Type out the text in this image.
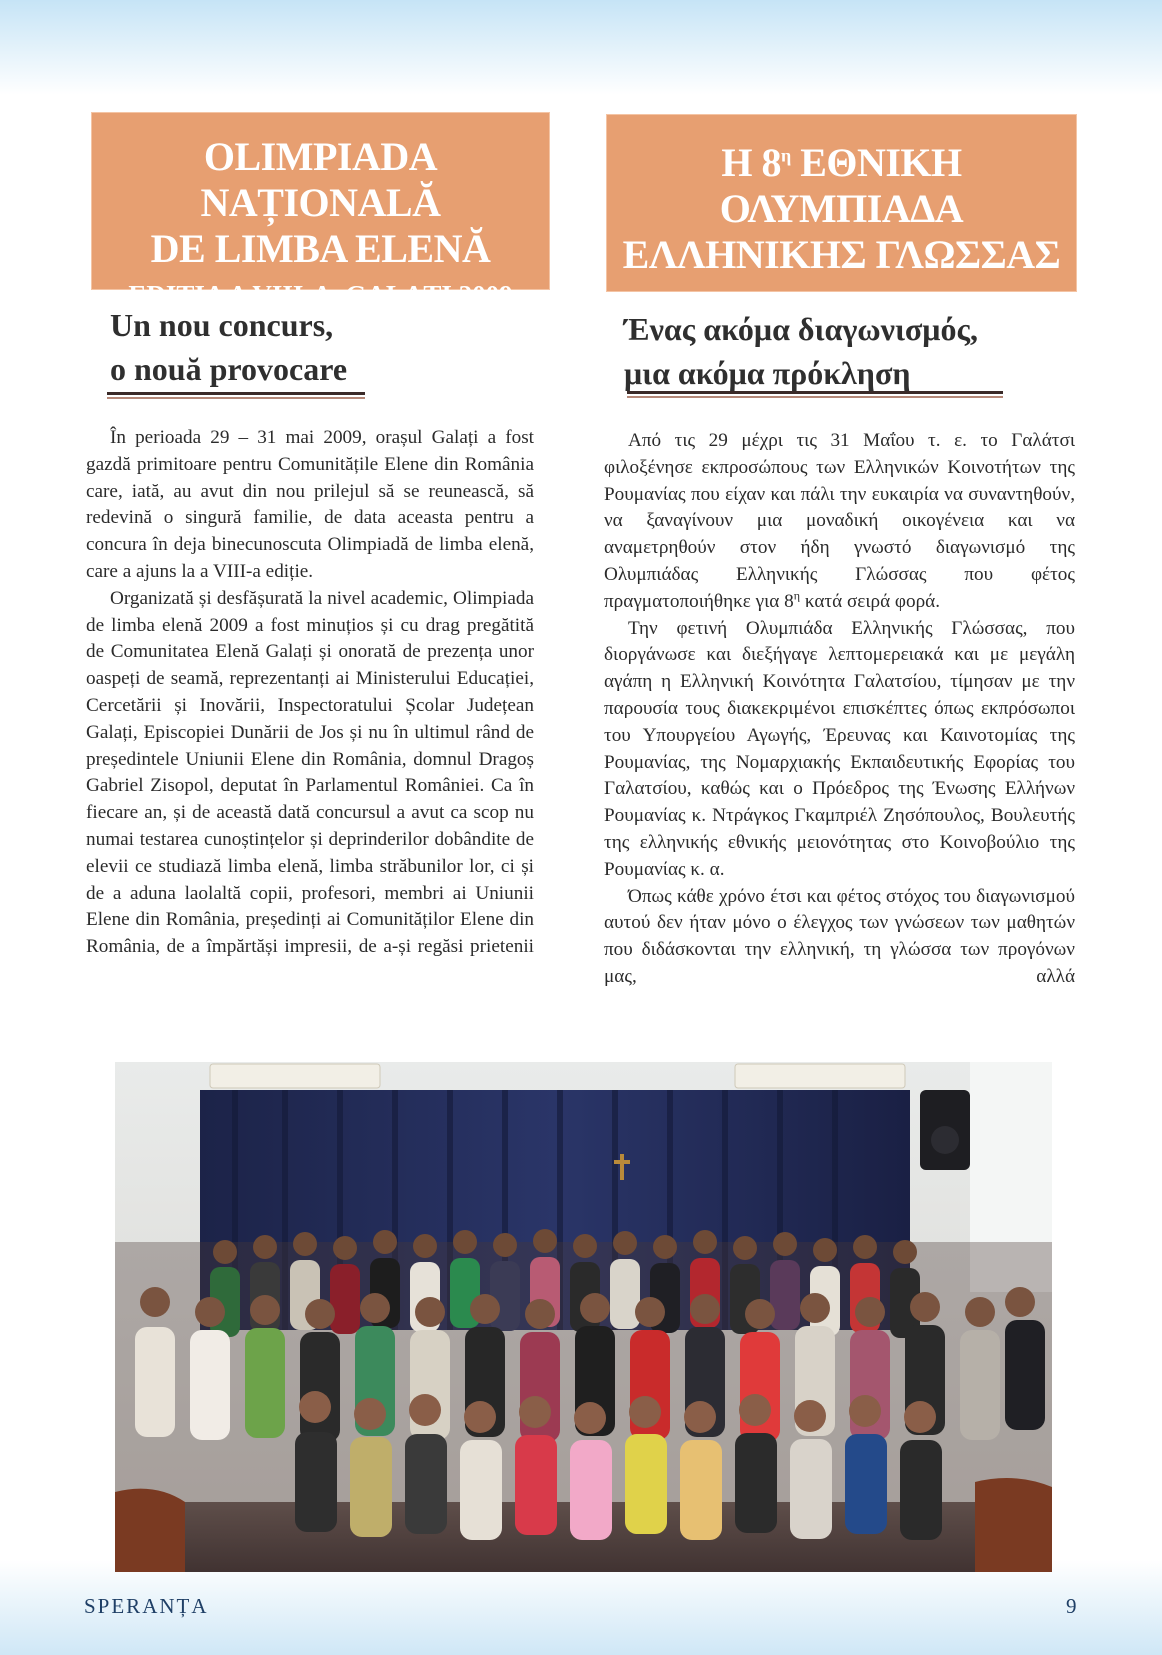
OLIMPIADA NAȚIONALĂ
DE LIMBA ELENĂ
EDIȚIA A VIII-A, GALAȚI 2009
Η $8^\eta$ ΕΘΝΙΚΗ ΟΛΥΜΠΙΑΔΑ
ΕΛΛΗΝΙΚΗΣ ΓΛΩΣΣΑΣ
ΓΑΛΑΤΣΙ 2009
Un nou concurs,
o nouă provocare
Ένας ακόμα διαγωνισμός,
μια ακόμα πρόκληση

În perioada 29 – 31 mai 2009, orașul Galați a fost gazdă primitoare pentru Comunitățile Elene din România care, iată, au avut din nou prilejul să se reunească, să redevină o singură familie, de data aceasta pentru a concura în deja binecunoscuta Olimpiadă de limba elenă, care a ajuns la a VIII-a ediție.

Organizată și desfășurată la nivel academic, Olimpiada de limba elenă 2009 a fost minuțios și cu drag pregătită de Comunitatea Elenă Galați și onorată de prezența unor oaspeți de seamă, reprezentanți ai Ministerului Educației, Cercetării și Inovării, Inspectoratului Școlar Județean Galați, Episcopiei Dunării de Jos și nu în ultimul rând de președintele Uniunii Elene din România, domnul Dragoș Gabriel Zisopol, deputat în Parlamentul României. Ca în fiecare an, și de această dată concursul a avut ca scop nu numai testarea cunoștințelor și deprinderilor dobândite de elevii ce studiază limba elenă, limba străbunilor lor, ci și de a aduna laolaltă copii, profesori, membri ai Uniunii Elene din România, președinți ai Comunităților Elene din România, de a împărtăși impresii, de a-și regăsi prietenii

Από τις 29 μέχρι τις 31 Μαΐου τ. ε. το Γαλάτσι φιλοξένησε εκπροσώπους των Ελληνικών Κοινοτήτων της Ρουμανίας που είχαν και πάλι την ευκαιρία να συναντηθούν, να ξαναγίνουν μια μοναδική οικογένεια και να αναμετρηθούν στον ήδη γνωστό διαγωνισμό της Ολυμπιάδας Ελληνικής Γλώσσας που φέτος πραγματοποιήθηκε για $8^\eta$ κατά σειρά φορά.

Την φετινή Ολυμπιάδα Ελληνικής Γλώσσας, που διοργάνωσε και διεξήγαγε λεπτομερειακά και με μεγάλη αγάπη η Ελληνική Κοινότητα Γαλατσίου, τίμησαν με την παρουσία τους διακεκριμένοι επισκέπτες όπως εκπρόσωποι του Υπουργείου Αγωγής, Έρευνας και Καινοτομίας της Ρουμανίας, της Νομαρχιακής Εκπαιδευτικής Εφορίας του Γαλατσίου, καθώς και ο Πρόεδρος της Ένωσης Ελλήνων Ρουμανίας κ. Ντράγκος Γκαμπριέλ Ζησόπουλος, Βουλευτής της ελληνικής εθνικής μειονότητας στο Κοινοβούλιο της Ρουμανίας κ. α.

Όπως κάθε χρόνο έτσι και φέτος στόχος του διαγωνισμού αυτού δεν ήταν μόνο ο έλεγχος των γνώσεων των μαθητών που διδάσκονται την ελληνική, τη γλώσσα των προγόνων μας, αλλά

SPERANȚA	9
